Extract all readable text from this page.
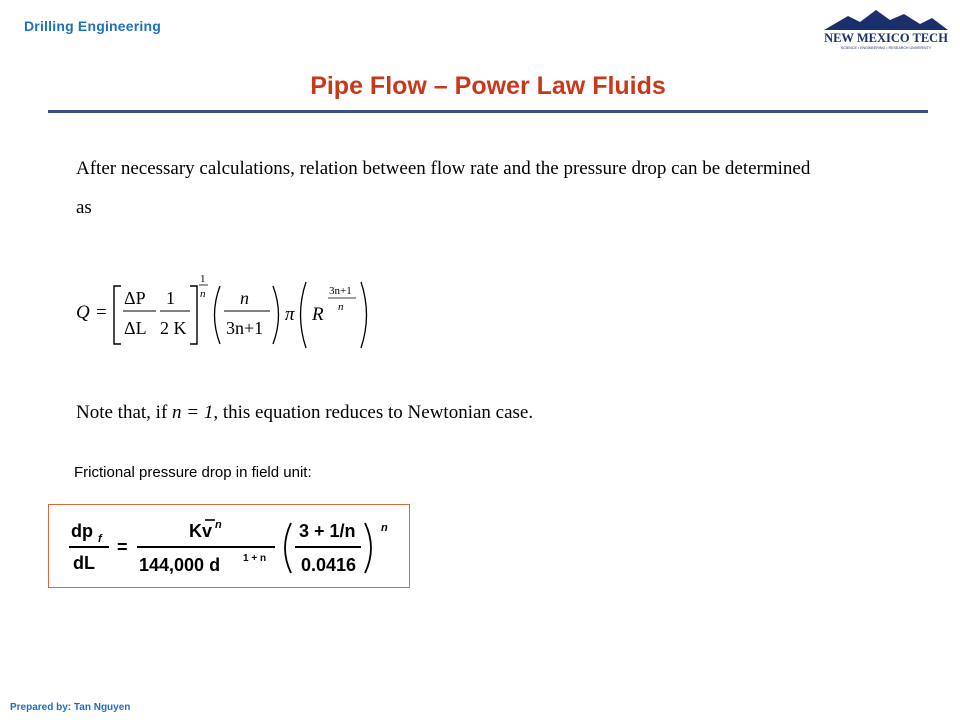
Drilling Engineering
NEW MEXICO TECH
SCIENCE • ENGINEERING • RESEARCH UNIVERSITY
Pipe Flow – Power Law Fluids
After necessary calculations, relation between flow rate and the pressure drop can be determined
as
Q =
ΔP
ΔL
1
2 K
1
n n
3n+1
π R
3n+1
n
Note that, if n = 1, this equation reduces to Newtonian case.
Frictional pressure drop in field unit:
dp f
dL
=
Kv n
144,000 d 1 + n
3 + 1/n
0.0416
n
Prepared by: Tan Nguyen
